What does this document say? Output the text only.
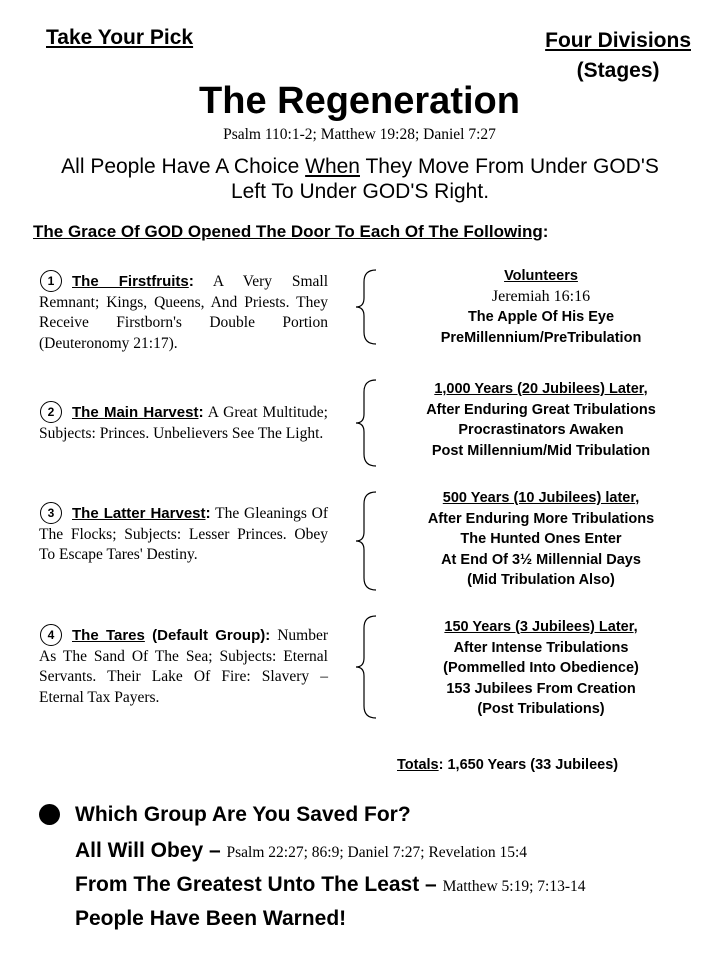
Take Your Pick	Four Divisions
(Stages)
The Regeneration
Psalm 110:1-2; Matthew 19:28; Daniel 7:27
All People Have A Choice When They Move From Under GOD'S Left To Under GOD'S Right.
The Grace Of GOD Opened The Door To Each Of The Following:
1 The Firstfruits: A Very Small Remnant; Kings, Queens, And Priests. They Receive Firstborn's Double Portion (Deuteronomy 21:17).
2 The Main Harvest: A Great Multitude; Subjects: Princes. Unbelievers See The Light.
3 The Latter Harvest: The Gleanings Of The Flocks; Subjects: Lesser Princes. Obey To Escape Tares' Destiny.
4 The Tares (Default Group): Number As The Sand Of The Sea; Subjects: Eternal Servants. Their Lake Of Fire: Slavery – Eternal Tax Payers.
Volunteers
Jeremiah 16:16
The Apple Of His Eye
PreMillennium/PreTribulation
1,000 Years (20 Jubilees) Later,
After Enduring Great Tribulations
Procrastinators Awaken
Post Millennium/Mid Tribulation
500 Years (10 Jubilees) later,
After Enduring More Tribulations
The Hunted Ones Enter
At End Of 3½ Millennial Days
(Mid Tribulation Also)
150 Years (3 Jubilees) Later,
After Intense Tribulations
(Pommelled Into Obedience)
153 Jubilees From Creation
(Post Tribulations)
Totals: 1,650 Years (33 Jubilees)
Which Group Are You Saved For?
All Will Obey – Psalm 22:27; 86:9; Daniel 7:27; Revelation 15:4
From The Greatest Unto The Least – Matthew 5:19; 7:13-14
People Have Been Warned!
